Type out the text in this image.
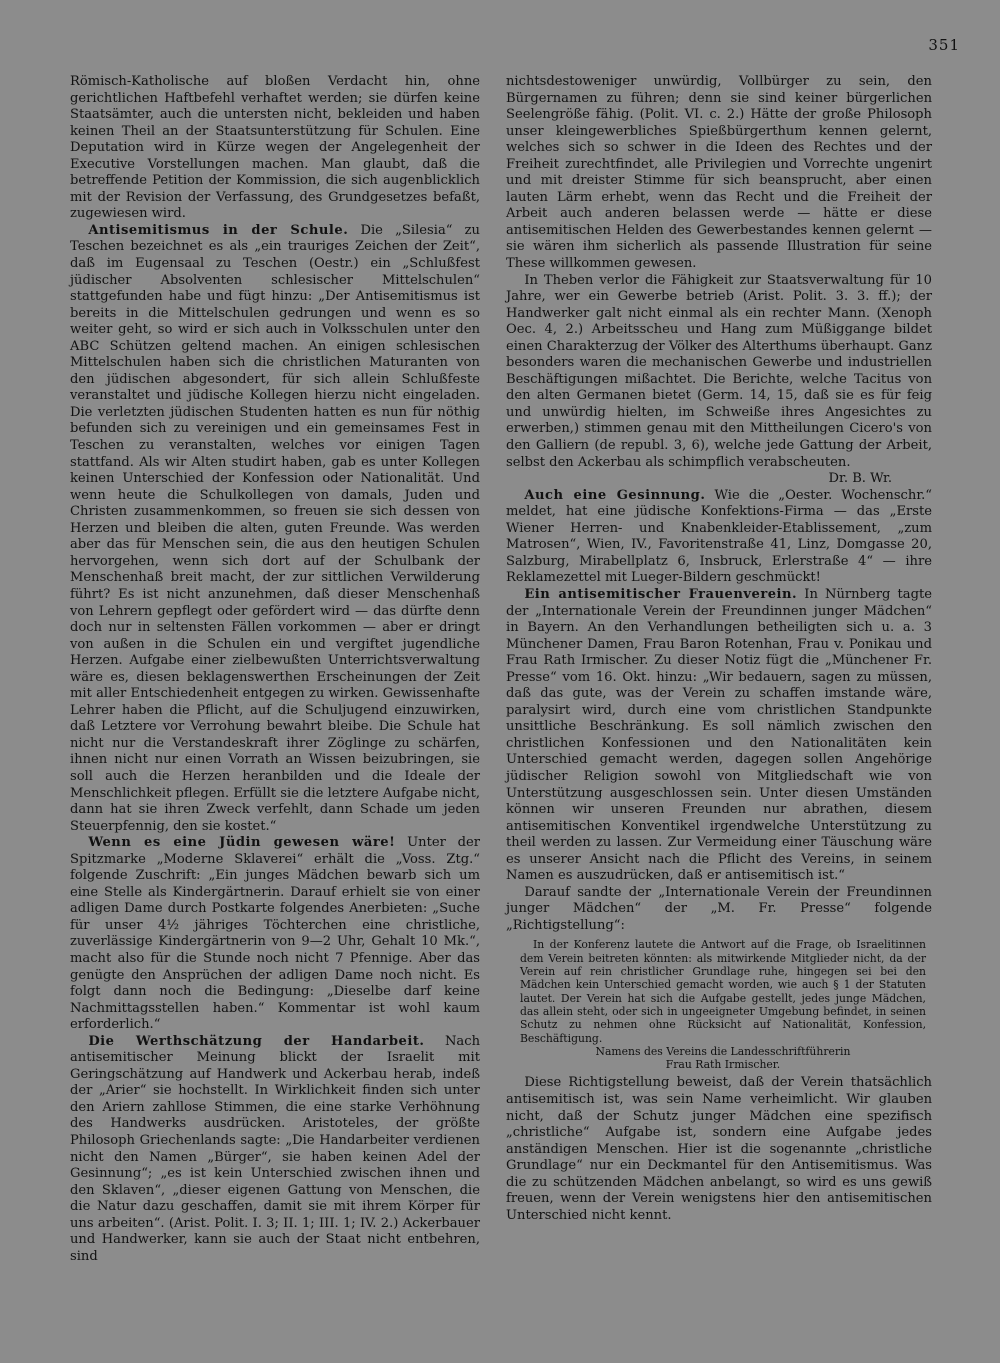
351

Römisch-Katholische auf bloßen Verdacht hin, ohne gerichtlichen Haftbefehl verhaftet werden; sie dürfen keine Staatsämter, auch die untersten nicht, bekleiden und haben keinen Theil an der Staatsunterstützung für Schulen. Eine Deputation wird in Kürze wegen der Angelegenheit der Executive Vorstellungen machen. Man glaubt, daß die betreffende Petition der Kommission, die sich augenblicklich mit der Revision der Verfassung, des Grundgesetzes befaßt, zugewiesen wird.

Antisemitismus in der Schule. Die „Silesia“ zu Teschen bezeichnet es als „ein trauriges Zeichen der Zeit“, daß im Eugensaal zu Teschen (Oestr.) ein „Schlußfest jüdischer Absolventen schlesischer Mittelschulen“ stattgefunden habe und fügt hinzu: „Der Antisemitismus ist bereits in die Mittelschulen gedrungen und wenn es so weiter geht, so wird er sich auch in Volksschulen unter den ABC Schützen geltend machen. An einigen schlesischen Mittelschulen haben sich die christlichen Maturanten von den jüdischen abgesondert, für sich allein Schlußfeste veranstaltet und jüdische Kollegen hierzu nicht eingeladen. Die verletzten jüdischen Studenten hatten es nun für nöthig befunden sich zu vereinigen und ein gemeinsames Fest in Teschen zu veranstalten, welches vor einigen Tagen stattfand. Als wir Alten studirt haben, gab es unter Kollegen keinen Unterschied der Konfession oder Nationalität. Und wenn heute die Schulkollegen von damals, Juden und Christen zusammenkommen, so freuen sie sich dessen von Herzen und bleiben die alten, guten Freunde. Was werden aber das für Menschen sein, die aus den heutigen Schulen hervorgehen, wenn sich dort auf der Schulbank der Menschenhaß breit macht, der zur sittlichen Verwilderung führt? Es ist nicht anzunehmen, daß dieser Menschenhaß von Lehrern gepflegt oder gefördert wird — das dürfte denn doch nur in seltensten Fällen vorkommen — aber er dringt von außen in die Schulen ein und vergiftet jugendliche Herzen. Aufgabe einer zielbewußten Unterrichtsverwaltung wäre es, diesen beklagenswerthen Erscheinungen der Zeit mit aller Entschiedenheit entgegen zu wirken. Gewissenhafte Lehrer haben die Pflicht, auf die Schuljugend einzuwirken, daß Letztere vor Verrohung bewahrt bleibe. Die Schule hat nicht nur die Verstandeskraft ihrer Zöglinge zu schärfen, ihnen nicht nur einen Vorrath an Wissen beizubringen, sie soll auch die Herzen heranbilden und die Ideale der Menschlichkeit pflegen. Erfüllt sie die letztere Aufgabe nicht, dann hat sie ihren Zweck verfehlt, dann Schade um jeden Steuerpfennig, den sie kostet.“

Wenn es eine Jüdin gewesen wäre! Unter der Spitzmarke „Moderne Sklaverei“ erhält die „Voss. Ztg.“ folgende Zuschrift: „Ein junges Mädchen bewarb sich um eine Stelle als Kindergärtnerin. Darauf erhielt sie von einer adligen Dame durch Postkarte folgendes Anerbieten: „Suche für unser 4½ jähriges Töchterchen eine christliche, zuverlässige Kindergärtnerin von 9—2 Uhr, Gehalt 10 Mk.“, macht also für die Stunde noch nicht 7 Pfennige. Aber das genügte den Ansprüchen der adligen Dame noch nicht. Es folgt dann noch die Bedingung: „Dieselbe darf keine Nachmittagsstellen haben.“ Kommentar ist wohl kaum erforderlich.“

Die Werthschätzung der Handarbeit. Nach antisemitischer Meinung blickt der Israelit mit Geringschätzung auf Handwerk und Ackerbau herab, indeß der „Arier“ sie hochstellt. In Wirklichkeit finden sich unter den Ariern zahllose Stimmen, die eine starke Verhöhnung des Handwerks ausdrücken. Aristoteles, der größte Philosoph Griechenlands sagte: „Die Handarbeiter verdienen nicht den Namen „Bürger“, sie haben keinen Adel der Gesinnung“; „es ist kein Unterschied zwischen ihnen und den Sklaven“, „dieser eigenen Gattung von Menschen, die die Natur dazu geschaffen, damit sie mit ihrem Körper für uns arbeiten“. (Arist. Polit. I. 3; II. 1; III. 1; IV. 2.) Ackerbauer und Handwerker, kann sie auch der Staat nicht entbehren, sind

nichtsdestoweniger unwürdig, Vollbürger zu sein, den Bürgernamen zu führen; denn sie sind keiner bürgerlichen Seelengröße fähig. (Polit. VI. c. 2.) Hätte der große Philosoph unser kleingewerbliches Spießbürgerthum kennen gelernt, welches sich so schwer in die Ideen des Rechtes und der Freiheit zurechtfindet, alle Privilegien und Vorrechte ungenirt und mit dreister Stimme für sich beansprucht, aber einen lauten Lärm erhebt, wenn das Recht und die Freiheit der Arbeit auch anderen belassen werde — hätte er diese antisemitischen Helden des Gewerbestandes kennen gelernt — sie wären ihm sicherlich als passende Illustration für seine These willkommen gewesen.

In Theben verlor die Fähigkeit zur Staatsverwaltung für 10 Jahre, wer ein Gewerbe betrieb (Arist. Polit. 3. 3. ff.); der Handwerker galt nicht einmal als ein rechter Mann. (Xenoph Oec. 4, 2.) Arbeitsscheu und Hang zum Müßiggange bildet einen Charakterzug der Völker des Alterthums überhaupt. Ganz besonders waren die mechanischen Gewerbe und industriellen Beschäftigungen mißachtet. Die Berichte, welche Tacitus von den alten Germanen bietet (Germ. 14, 15, daß sie es für feig und unwürdig hielten, im Schweiße ihres Angesichtes zu erwerben,) stimmen genau mit den Mittheilungen Cicero's von den Galliern (de republ. 3, 6), welche jede Gattung der Arbeit, selbst den Ackerbau als schimpflich verabscheuten.

Dr. B. Wr.

Auch eine Gesinnung. Wie die „Oester. Wochenschr.“ meldet, hat eine jüdische Konfektions-Firma — das „Erste Wiener Herren- und Knabenkleider-Etablissement, „zum Matrosen“, Wien, IV., Favoritenstraße 41, Linz, Domgasse 20, Salzburg, Mirabellplatz 6, Insbruck, Erlerstraße 4“ — ihre Reklamezettel mit Lueger-Bildern geschmückt!

Ein antisemitischer Frauenverein. In Nürnberg tagte der „Internationale Verein der Freundinnen junger Mädchen“ in Bayern. An den Verhandlungen betheiligten sich u. a. 3 Münchener Damen, Frau Baron Rotenhan, Frau v. Ponikau und Frau Rath Irmischer. Zu dieser Notiz fügt die „Münchener Fr. Presse“ vom 16. Okt. hinzu: „Wir bedauern, sagen zu müssen, daß das gute, was der Verein zu schaffen imstande wäre, paralysirt wird, durch eine vom christlichen Standpunkte unsittliche Beschränkung. Es soll nämlich zwischen den christlichen Konfessionen und den Nationalitäten kein Unterschied gemacht werden, dagegen sollen Angehörige jüdischer Religion sowohl von Mitgliedschaft wie von Unterstützung ausgeschlossen sein. Unter diesen Umständen können wir unseren Freunden nur abrathen, diesem antisemitischen Konventikel irgendwelche Unterstützung zu theil werden zu lassen. Zur Vermeidung einer Täuschung wäre es unserer Ansicht nach die Pflicht des Vereins, in seinem Namen es auszudrücken, daß er antisemitisch ist.“

Darauf sandte der „Internationale Verein der Freundinnen junger Mädchen“ der „M. Fr. Presse“ folgende „Richtigstellung“:

In der Konferenz lautete die Antwort auf die Frage, ob Israelitinnen dem Verein beitreten könnten: als mitwirkende Mitglieder nicht, da der Verein auf rein christlicher Grundlage ruhe, hingegen sei bei den Mädchen kein Unterschied gemacht worden, wie auch § 1 der Statuten lautet. Der Verein hat sich die Aufgabe gestellt, jedes junge Mädchen, das allein steht, oder sich in ungeeigneter Umgebung befindet, in seinen Schutz zu nehmen ohne Rücksicht auf Nationalität, Konfession, Beschäftigung.

Namens des Vereins die Landesschriftführerin
Frau Rath Irmischer.

Diese Richtigstellung beweist, daß der Verein thatsächlich antisemitisch ist, was sein Name verheimlicht. Wir glauben nicht, daß der Schutz junger Mädchen eine spezifisch „christliche“ Aufgabe ist, sondern eine Aufgabe jedes anständigen Menschen. Hier ist die sogenannte „christliche Grundlage“ nur ein Deckmantel für den Antisemitismus. Was die zu schützenden Mädchen anbelangt, so wird es uns gewiß freuen, wenn der Verein wenigstens hier den antisemitischen Unterschied nicht kennt.
